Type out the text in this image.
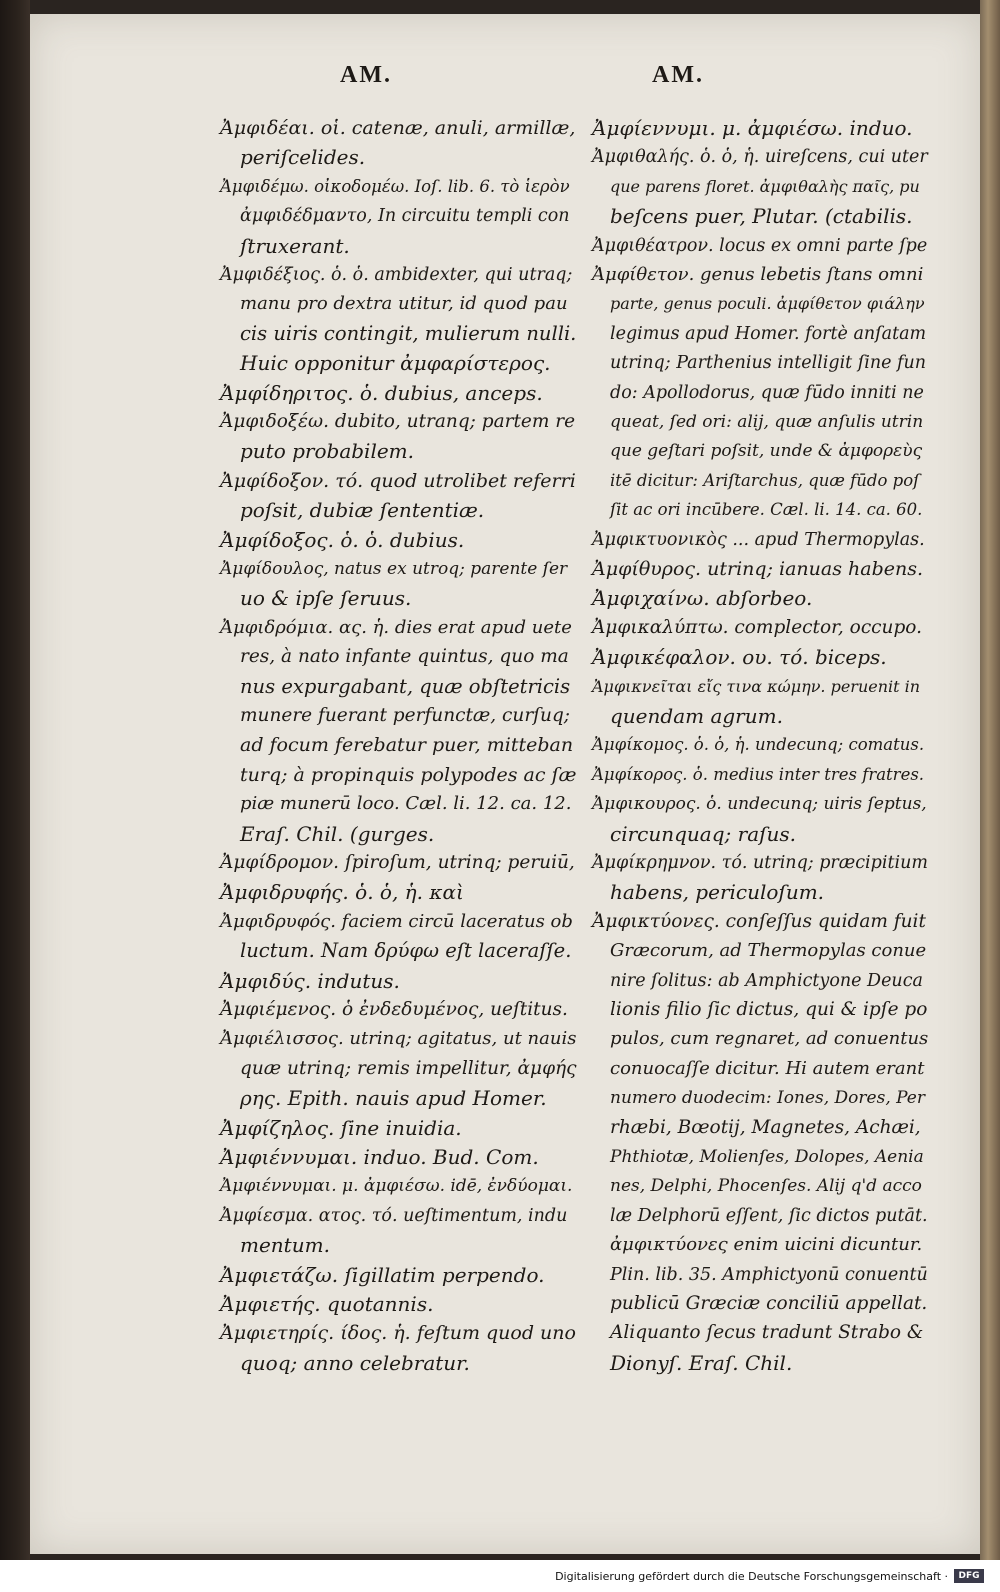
AM.	AM.
Ἀμφιδέαι. οἱ. catenæ, anuli, armillæ,
periſcelides.
Ἀμφιδέμω. οἰκοδομέω. Ioſ. lib. 6. τὸ ἱερὸν
ἀμφιδέδμαντο, In circuitu templi con
ſtruxerant.
Ἀμφιδέξιος. ὁ. ὁ. ambidexter, qui utraq;
manu pro dextra utitur, id quod pau
cis uiris contingit, mulierum nulli.
Huic opponitur ἀμφαρίστερος.
Ἀμφίδηριτος. ὁ. dubius, anceps.
Ἀμφιδοξέω. dubito, utranq; partem re
puto probabilem.
Ἀμφίδοξον. τό. quod utrolibet referri
poſsit, dubiæ ſententiæ.
Ἀμφίδοξος. ὁ. ὁ. dubius.
Ἀμφίδουλος, natus ex utroq; parente ſer
uo & ipſe ſeruus.
Ἀμφιδρόμια. ας. ἡ. dies erat apud uete
res, à nato infante quintus, quo ma
nus expurgabant, quæ obſtetricis
munere fuerant perfunctæ, curſuq;
ad focum ferebatur puer, mitteban
turq; à propinquis polypodes ac ſæ
piæ munerū loco. Cæl. li. 12. ca. 12.
Eraſ. Chil. (gurges.
Ἀμφίδρομον. ſpiroſum, utrinq; peruiū,
Ἀμφιδρυφής. ὁ. ὁ, ἡ. καὶ
Ἀμφιδρυφός. faciem circū laceratus ob
luctum. Nam δρύφω eſt laceraſſe.
Ἀμφιδύς. indutus.
Ἀμφιέμενος. ὁ ἐνδεδυμένος, ueſtitus.
Ἀμφιέλισσος. utrinq; agitatus, ut nauis
quæ utrinq; remis impellitur, ἀμφής
ρης. Epith. nauis apud Homer.
Ἀμφίζηλος. ſine inuidia.
Ἀμφιέννυμαι. induo. Bud. Com.
Ἀμφιέννυμαι. μ. ἀμφιέσω. idē, ἐνδύομαι.
Ἀμφίεσμα. ατος. τό. ueſtimentum, indu
mentum.
Ἀμφιετάζω. ſigillatim perpendo.
Ἀμφιετής. quotannis.
Ἀμφιετηρίς. ίδος. ἡ. feſtum quod uno
quoq; anno celebratur.
Ἀμφίεννυμι. μ. ἀμφιέσω. induo.
Ἀμφιθαλής. ὁ. ὁ, ἡ. uireſcens, cui uter
que parens floret. ἀμφιθαλὴς παῖς, pu
beſcens puer, Plutar. (ctabilis.
Ἀμφιθέατρον. locus ex omni parte ſpe
Ἀμφίθετον. genus lebetis ſtans omni
parte, genus poculi. ἀμφίθετον φιάλην
legimus apud Homer. fortè anſatam
utrinq; Parthenius intelligit ſine fun
do: Apollodorus, quæ fūdo inniti ne
queat, ſed ori: alij, quæ anſulis utrin
que geſtari poſsit, unde & ἀμφορεὺς
itē dicitur: Ariſtarchus, quæ fūdo poſ
ſit ac ori incūbere. Cæl. li. 14. ca. 60.
Ἀμφικτυονικὸς ... apud Thermopylas.
Ἀμφίθυρος. utrinq; ianuas habens.
Ἀμφιχαίνω. abſorbeo.
Ἀμφικαλύπτω. complector, occupo.
Ἀμφικέφαλον. ου. τό. biceps.
Ἀμφικνεῖται εἴς τινα κώμην. peruenit in
quendam agrum.
Ἀμφίκομος. ὁ. ὁ, ἡ. undecunq; comatus.
Ἀμφίκορος. ὁ. medius inter tres fratres.
Ἀμφικουρος. ὁ. undecunq; uiris ſeptus,
circunquaq; raſus.
Ἀμφίκρημνον. τό. utrinq; præcipitium
habens, periculoſum.
Ἀμφικτύονες. conſeſſus quidam fuit
Græcorum, ad Thermopylas conue
nire ſolitus: ab Amphictyone Deuca
lionis filio ſic dictus, qui & ipſe po
pulos, cum regnaret, ad conuentus
conuocaſſe dicitur. Hi autem erant
numero duodecim: Iones, Dores, Per
rhæbi, Bœotij, Magnetes, Achæi,
Phthiotæ, Molienſes, Dolopes, Aenia
nes, Delphi, Phocenſes. Alij q'd acco
læ Delphorū eſſent, ſic dictos putāt.
ἀμφικτύονες enim uicini dicuntur.
Plin. lib. 35. Amphictyonū conuentū
publicū Græciæ conciliū appellat.
Aliquanto ſecus tradunt Strabo &
Dionyſ. Eraſ. Chil.
Digitalisierung gefördert durch die Deutsche Forschungsgemeinschaft ·	DFG
